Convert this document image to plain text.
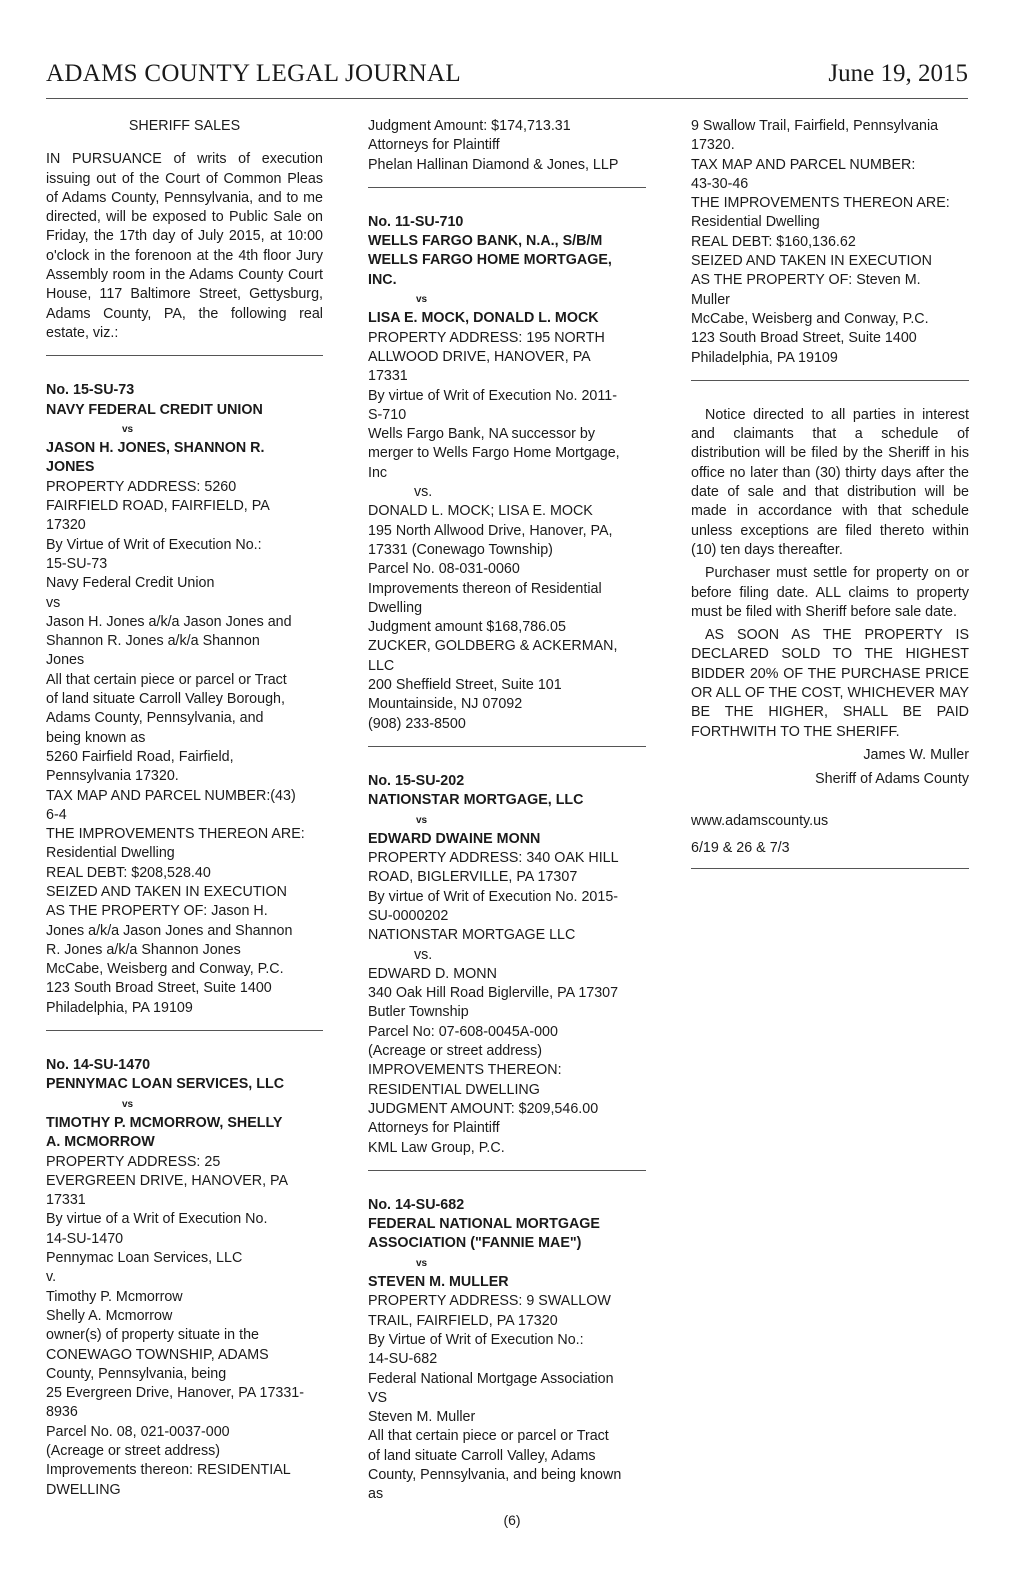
ADAMS COUNTY LEGAL JOURNAL	June 19, 2015
SHERIFF SALES
IN PURSUANCE of writs of execution issuing out of the Court of Common Pleas of Adams County, Pennsylvania, and to me directed, will be exposed to Public Sale on Friday, the 17th day of July 2015, at 10:00 o'clock in the forenoon at the 4th floor Jury Assembly room in the Adams County Court House, 117 Baltimore Street, Gettysburg, Adams County, PA, the following real estate, viz.:
No. 15-SU-73
NAVY FEDERAL CREDIT UNION
vs
JASON H. JONES, SHANNON R.
JONES
PROPERTY ADDRESS: 5260
FAIRFIELD ROAD, FAIRFIELD, PA
17320
By Virtue of Writ of Execution No.:
15-SU-73
Navy Federal Credit Union
vs
Jason H. Jones a/k/a Jason Jones and
Shannon R. Jones a/k/a Shannon
Jones
All that certain piece or parcel or Tract
of land situate Carroll Valley Borough,
Adams County, Pennsylvania, and
being known as
5260 Fairfield Road, Fairfield,
Pennsylvania 17320.
TAX MAP AND PARCEL NUMBER:(43)
6-4
THE IMPROVEMENTS THEREON ARE:
Residential Dwelling
REAL DEBT: $208,528.40
SEIZED AND TAKEN IN EXECUTION
AS THE PROPERTY OF: Jason H.
Jones a/k/a Jason Jones and Shannon
R. Jones a/k/a Shannon Jones
McCabe, Weisberg and Conway, P.C.
123 South Broad Street, Suite 1400
Philadelphia, PA 19109
No. 14-SU-1470
PENNYMAC LOAN SERVICES, LLC
vs
TIMOTHY P. MCMORROW, SHELLY
A. MCMORROW
PROPERTY ADDRESS: 25
EVERGREEN DRIVE, HANOVER, PA
17331
By virtue of a Writ of Execution No.
14-SU-1470
Pennymac Loan Services, LLC
v.
Timothy P. Mcmorrow
Shelly A. Mcmorrow
owner(s) of property situate in the
CONEWAGO TOWNSHIP, ADAMS
County, Pennsylvania, being
25 Evergreen Drive, Hanover, PA 17331-
8936
Parcel No. 08, 021-0037-000
(Acreage or street address)
Improvements thereon: RESIDENTIAL
DWELLING
Judgment Amount: $174,713.31
Attorneys for Plaintiff
Phelan Hallinan Diamond & Jones, LLP
No. 11-SU-710
WELLS FARGO BANK, N.A., S/B/M
WELLS FARGO HOME MORTGAGE,
INC.
vs
LISA E. MOCK, DONALD L. MOCK
PROPERTY ADDRESS: 195 NORTH
ALLWOOD DRIVE, HANOVER, PA
17331
By virtue of Writ of Execution No. 2011-
S-710
Wells Fargo Bank, NA successor by
merger to Wells Fargo Home Mortgage,
Inc
vs.
DONALD L. MOCK; LISA E. MOCK
195 North Allwood Drive, Hanover, PA,
17331 (Conewago Township)
Parcel No. 08-031-0060
Improvements thereon of Residential
Dwelling
Judgment amount $168,786.05
ZUCKER, GOLDBERG & ACKERMAN,
LLC
200 Sheffield Street, Suite 101
Mountainside, NJ 07092
(908) 233-8500
No. 15-SU-202
NATIONSTAR MORTGAGE, LLC
vs
EDWARD DWAINE MONN
PROPERTY ADDRESS: 340 OAK HILL
ROAD, BIGLERVILLE, PA 17307
By virtue of Writ of Execution No. 2015-
SU-0000202
NATIONSTAR MORTGAGE LLC
vs.
EDWARD D. MONN
340 Oak Hill Road Biglerville, PA 17307
Butler Township
Parcel No: 07-608-0045A-000
(Acreage or street address)
IMPROVEMENTS THEREON:
RESIDENTIAL DWELLING
JUDGMENT AMOUNT: $209,546.00
Attorneys for Plaintiff
KML Law Group, P.C.
No. 14-SU-682
FEDERAL NATIONAL MORTGAGE
ASSOCIATION ("FANNIE MAE")
vs
STEVEN M. MULLER
PROPERTY ADDRESS: 9 SWALLOW
TRAIL, FAIRFIELD, PA 17320
By Virtue of Writ of Execution No.:
14-SU-682
Federal National Mortgage Association
VS
Steven M. Muller
All that certain piece or parcel or Tract
of land situate Carroll Valley, Adams
County, Pennsylvania, and being known
as
9 Swallow Trail, Fairfield, Pennsylvania
17320.
TAX MAP AND PARCEL NUMBER:
43-30-46
THE IMPROVEMENTS THEREON ARE:
Residential Dwelling
REAL DEBT: $160,136.62
SEIZED AND TAKEN IN EXECUTION
AS THE PROPERTY OF: Steven M.
Muller
McCabe, Weisberg and Conway, P.C.
123 South Broad Street, Suite 1400
Philadelphia, PA 19109

Notice directed to all parties in interest and claimants that a schedule of distribution will be filed by the Sheriff in his office no later than (30) thirty days after the date of sale and that distribution will be made in accordance with that schedule unless exceptions are filed thereto within (10) ten days thereafter.

Purchaser must settle for property on or before filing date. ALL claims to property must be filed with Sheriff before sale date.

AS SOON AS THE PROPERTY IS DECLARED SOLD TO THE HIGHEST BIDDER 20% OF THE PURCHASE PRICE OR ALL OF THE COST, WHICHEVER MAY BE THE HIGHER, SHALL BE PAID FORTHWITH TO THE SHERIFF.

James W. Muller
Sheriff of Adams County
www.adamscounty.us
6/19 & 26 & 7/3
(6)
